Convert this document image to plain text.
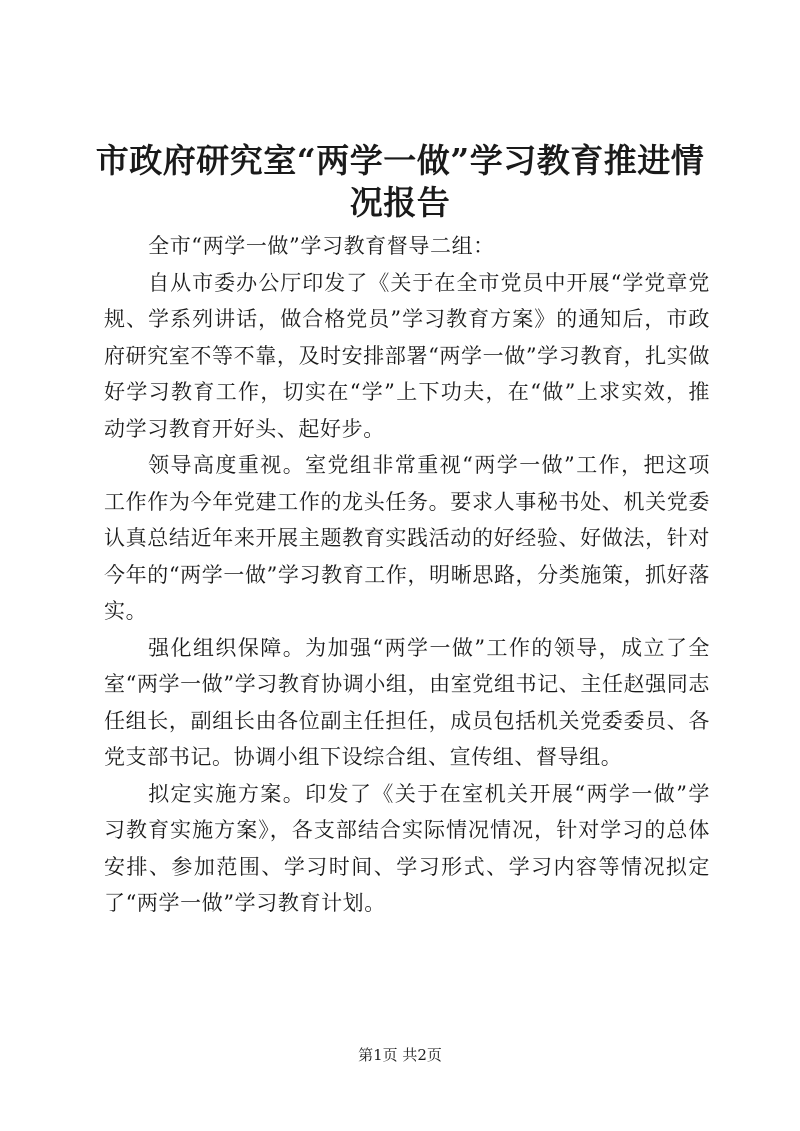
市政府研究室“两学一做”学习教育推进情况报告

全市“两学一做”学习教育督导二组：

自从市委办公厅印发了《关于在全市党员中开展“学党章党规、学系列讲话，做合格党员”学习教育方案》的通知后，市政府研究室不等不靠，及时安排部署“两学一做”学习教育，扎实做好学习教育工作，切实在“学”上下功夫，在“做”上求实效，推动学习教育开好头、起好步。

领导高度重视。室党组非常重视“两学一做”工作，把这项工作作为今年党建工作的龙头任务。要求人事秘书处、机关党委认真总结近年来开展主题教育实践活动的好经验、好做法，针对今年的“两学一做”学习教育工作，明晰思路，分类施策，抓好落实。

强化组织保障。为加强“两学一做”工作的领导，成立了全室“两学一做”学习教育协调小组，由室党组书记、主任赵强同志任组长，副组长由各位副主任担任，成员包括机关党委委员、各党支部书记。协调小组下设综合组、宣传组、督导组。

拟定实施方案。印发了《关于在室机关开展“两学一做”学习教育实施方案》，各支部结合实际情况情况，针对学习的总体安排、参加范围、学习时间、学习形式、学习内容等情况拟定了“两学一做”学习教育计划。

第1页 共2页
